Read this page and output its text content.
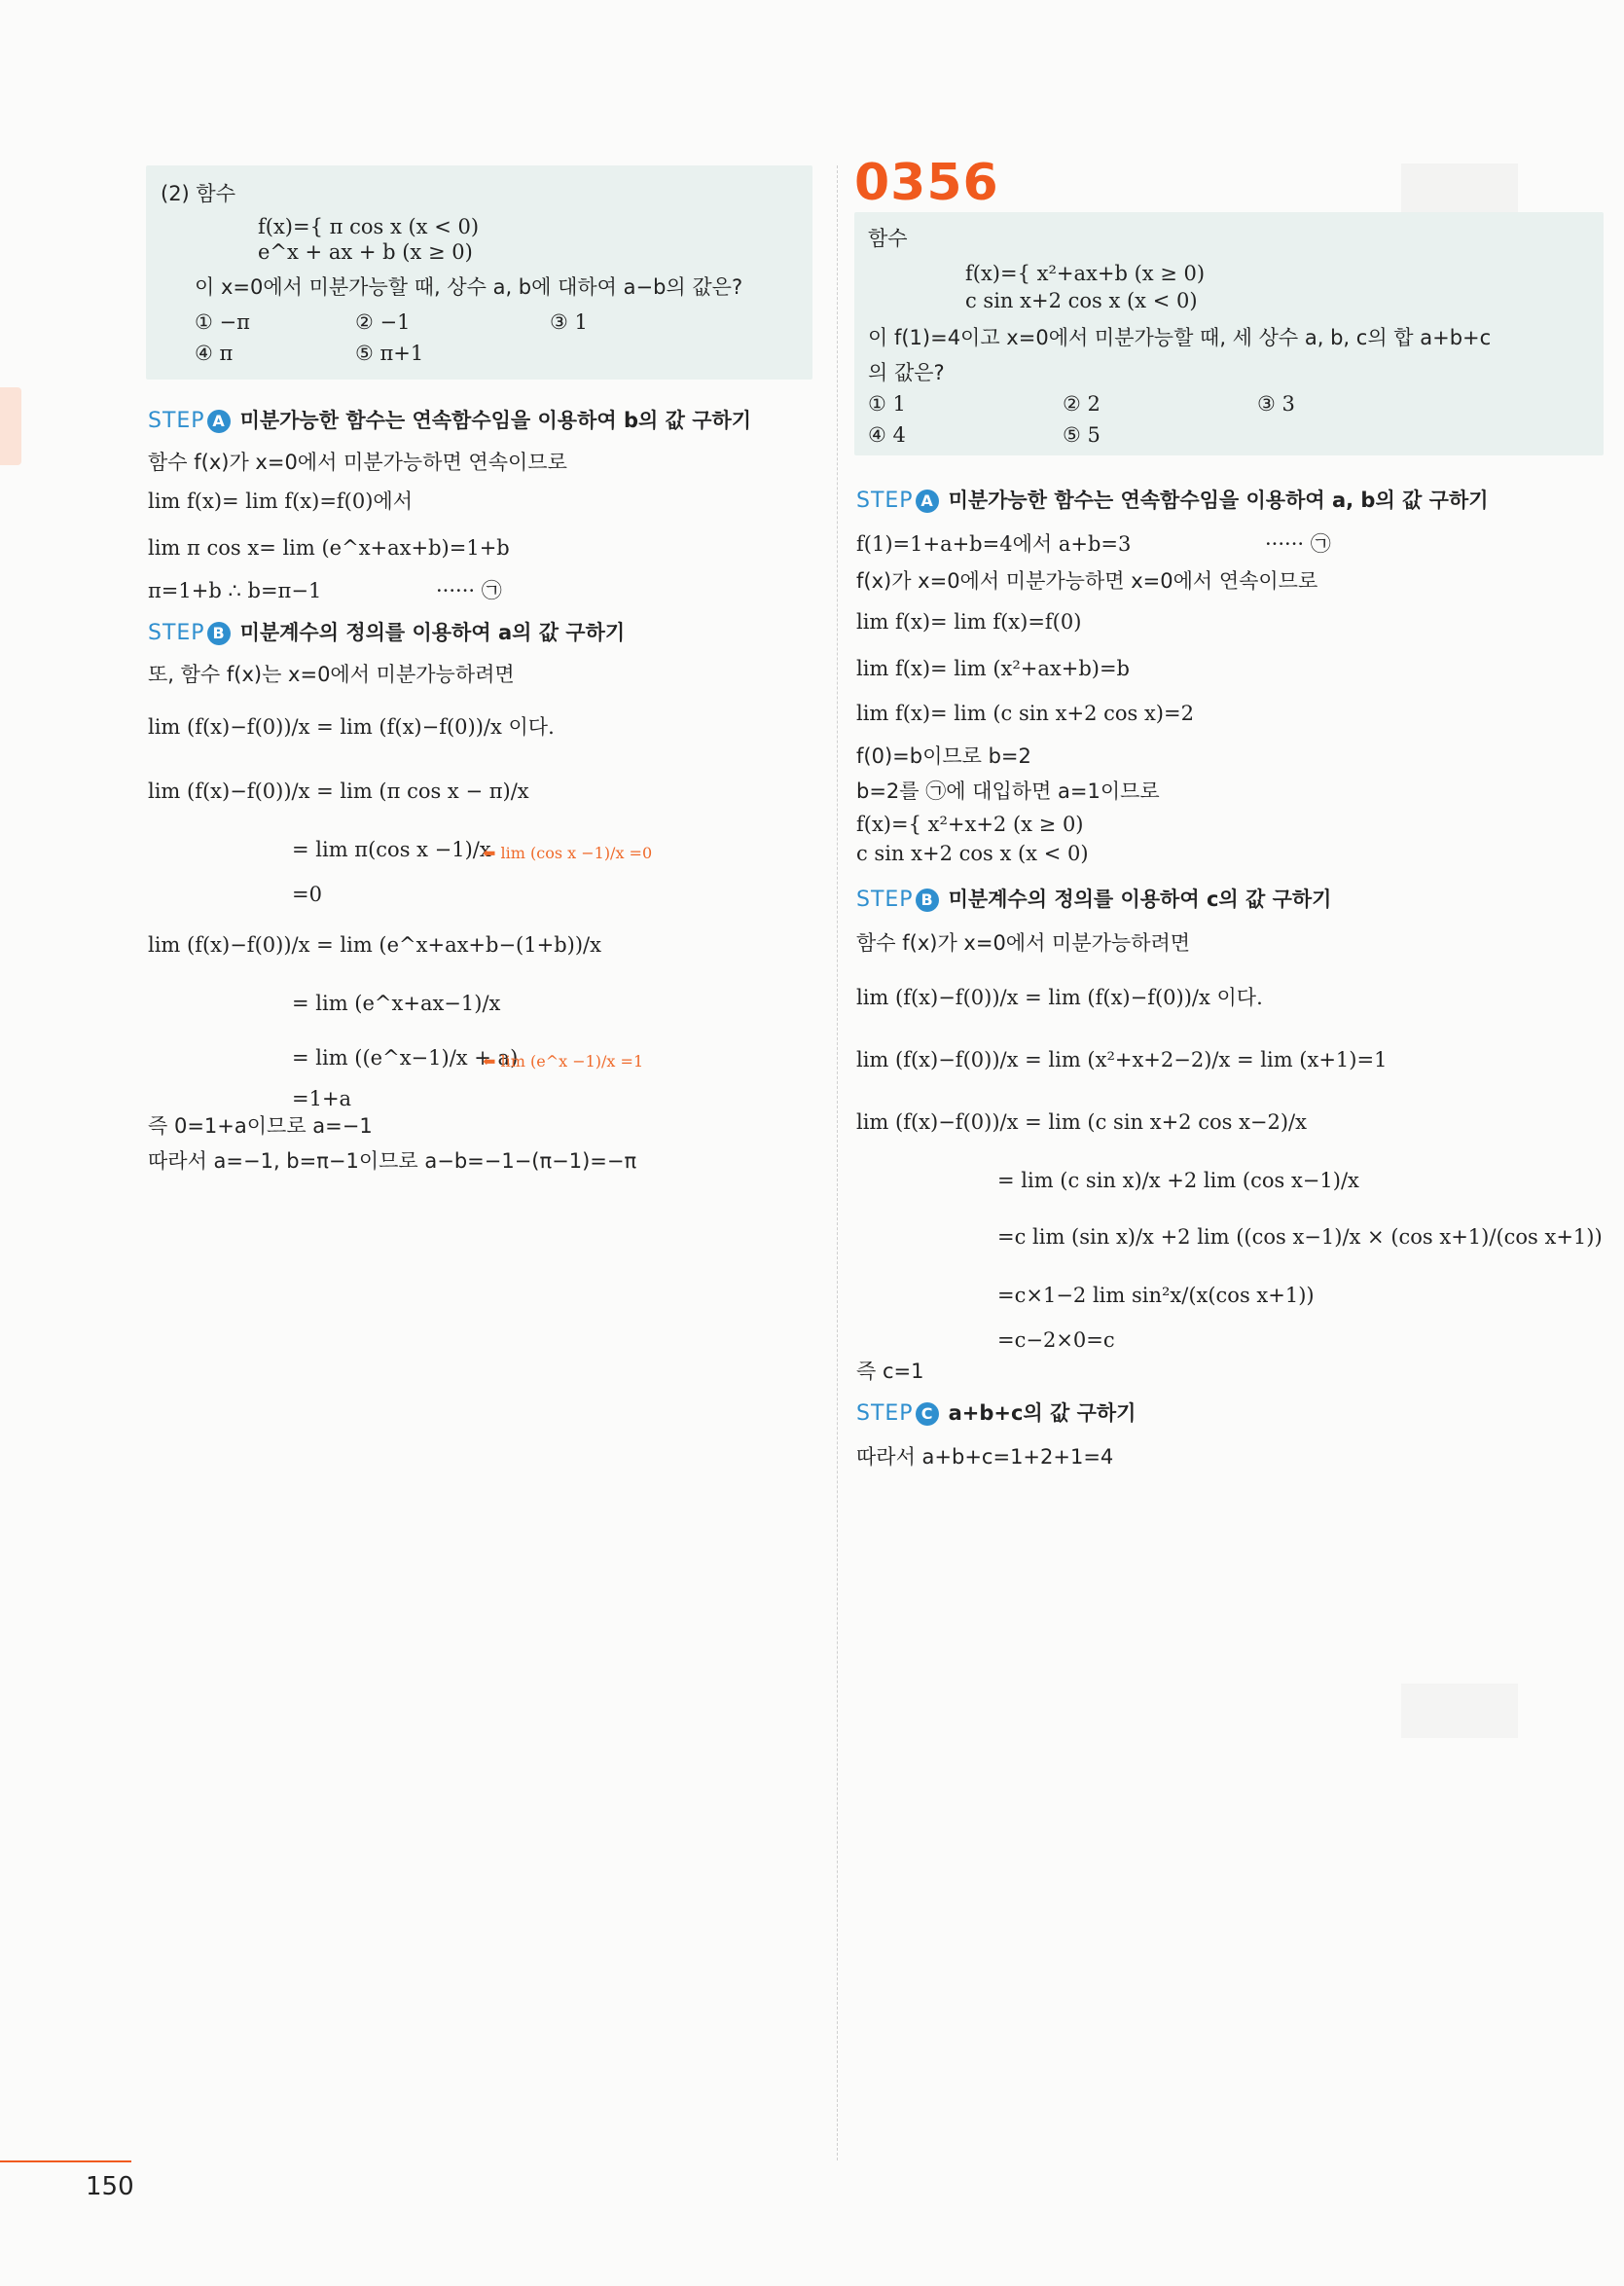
(2) 함수
f(x)={ π cos x (x < 0)
e^x + ax + b (x ≥ 0)
이 x=0에서 미분가능할 때, 상수 a, b에 대하여 a−b의 값은?
① −π	② −1	③ 1
④ π	⑤ π+1
STEP A 미분가능한 함수는 연속함수임을 이용하여 b의 값 구하기
함수 f(x)가 x=0에서 미분가능하면 연속이므로
lim f(x)= lim f(x)=f(0)에서
lim π cos x= lim (e^x+ax+b)=1+b
π=1+b ∴ b=π−1	······ ㉠
STEP B 미분계수의 정의를 이용하여 a의 값 구하기
또, 함수 f(x)는 x=0에서 미분가능하려면
lim (f(x)−f(0))/x = lim (f(x)−f(0))/x 이다.
lim (f(x)−f(0))/x = lim (π cos x − π)/x
= lim π(cos x −1)/x
⬅ lim (cos x −1)/x =0
=0
lim (f(x)−f(0))/x = lim (e^x+ax+b−(1+b))/x
= lim (e^x+ax−1)/x
= lim ((e^x−1)/x + a)
⬅ lim (e^x −1)/x =1
=1+a
즉 0=1+a이므로 a=−1
따라서 a=−1, b=π−1이므로 a−b=−1−(π−1)=−π
함수
f(x)={ x²+ax+b (x ≥ 0)
c sin x+2 cos x (x < 0)
이 f(1)=4이고 x=0에서 미분가능할 때, 세 상수 a, b, c의 합 a+b+c
의 값은?
① 1	② 2	③ 3
④ 4	⑤ 5
STEP A 미분가능한 함수는 연속함수임을 이용하여 a, b의 값 구하기
f(1)=1+a+b=4에서 a+b=3	······ ㉠
f(x)가 x=0에서 미분가능하면 x=0에서 연속이므로
lim f(x)= lim f(x)=f(0)
lim f(x)= lim (x²+ax+b)=b
lim f(x)= lim (c sin x+2 cos x)=2
f(0)=b이므로 b=2
b=2를 ㉠에 대입하면 a=1이므로
f(x)={ x²+x+2 (x ≥ 0)
c sin x+2 cos x (x < 0)
STEP B 미분계수의 정의를 이용하여 c의 값 구하기
함수 f(x)가 x=0에서 미분가능하려면
lim (f(x)−f(0))/x = lim (f(x)−f(0))/x 이다.
lim (f(x)−f(0))/x = lim (x²+x+2−2)/x = lim (x+1)=1
lim (f(x)−f(0))/x = lim (c sin x+2 cos x−2)/x
= lim (c sin x)/x +2 lim (cos x−1)/x
=c lim (sin x)/x +2 lim ((cos x−1)/x × (cos x+1)/(cos x+1))
=c×1−2 lim sin²x/(x(cos x+1))
=c−2×0=c
즉 c=1
STEP C a+b+c의 값 구하기
따라서 a+b+c=1+2+1=4
0356
150
